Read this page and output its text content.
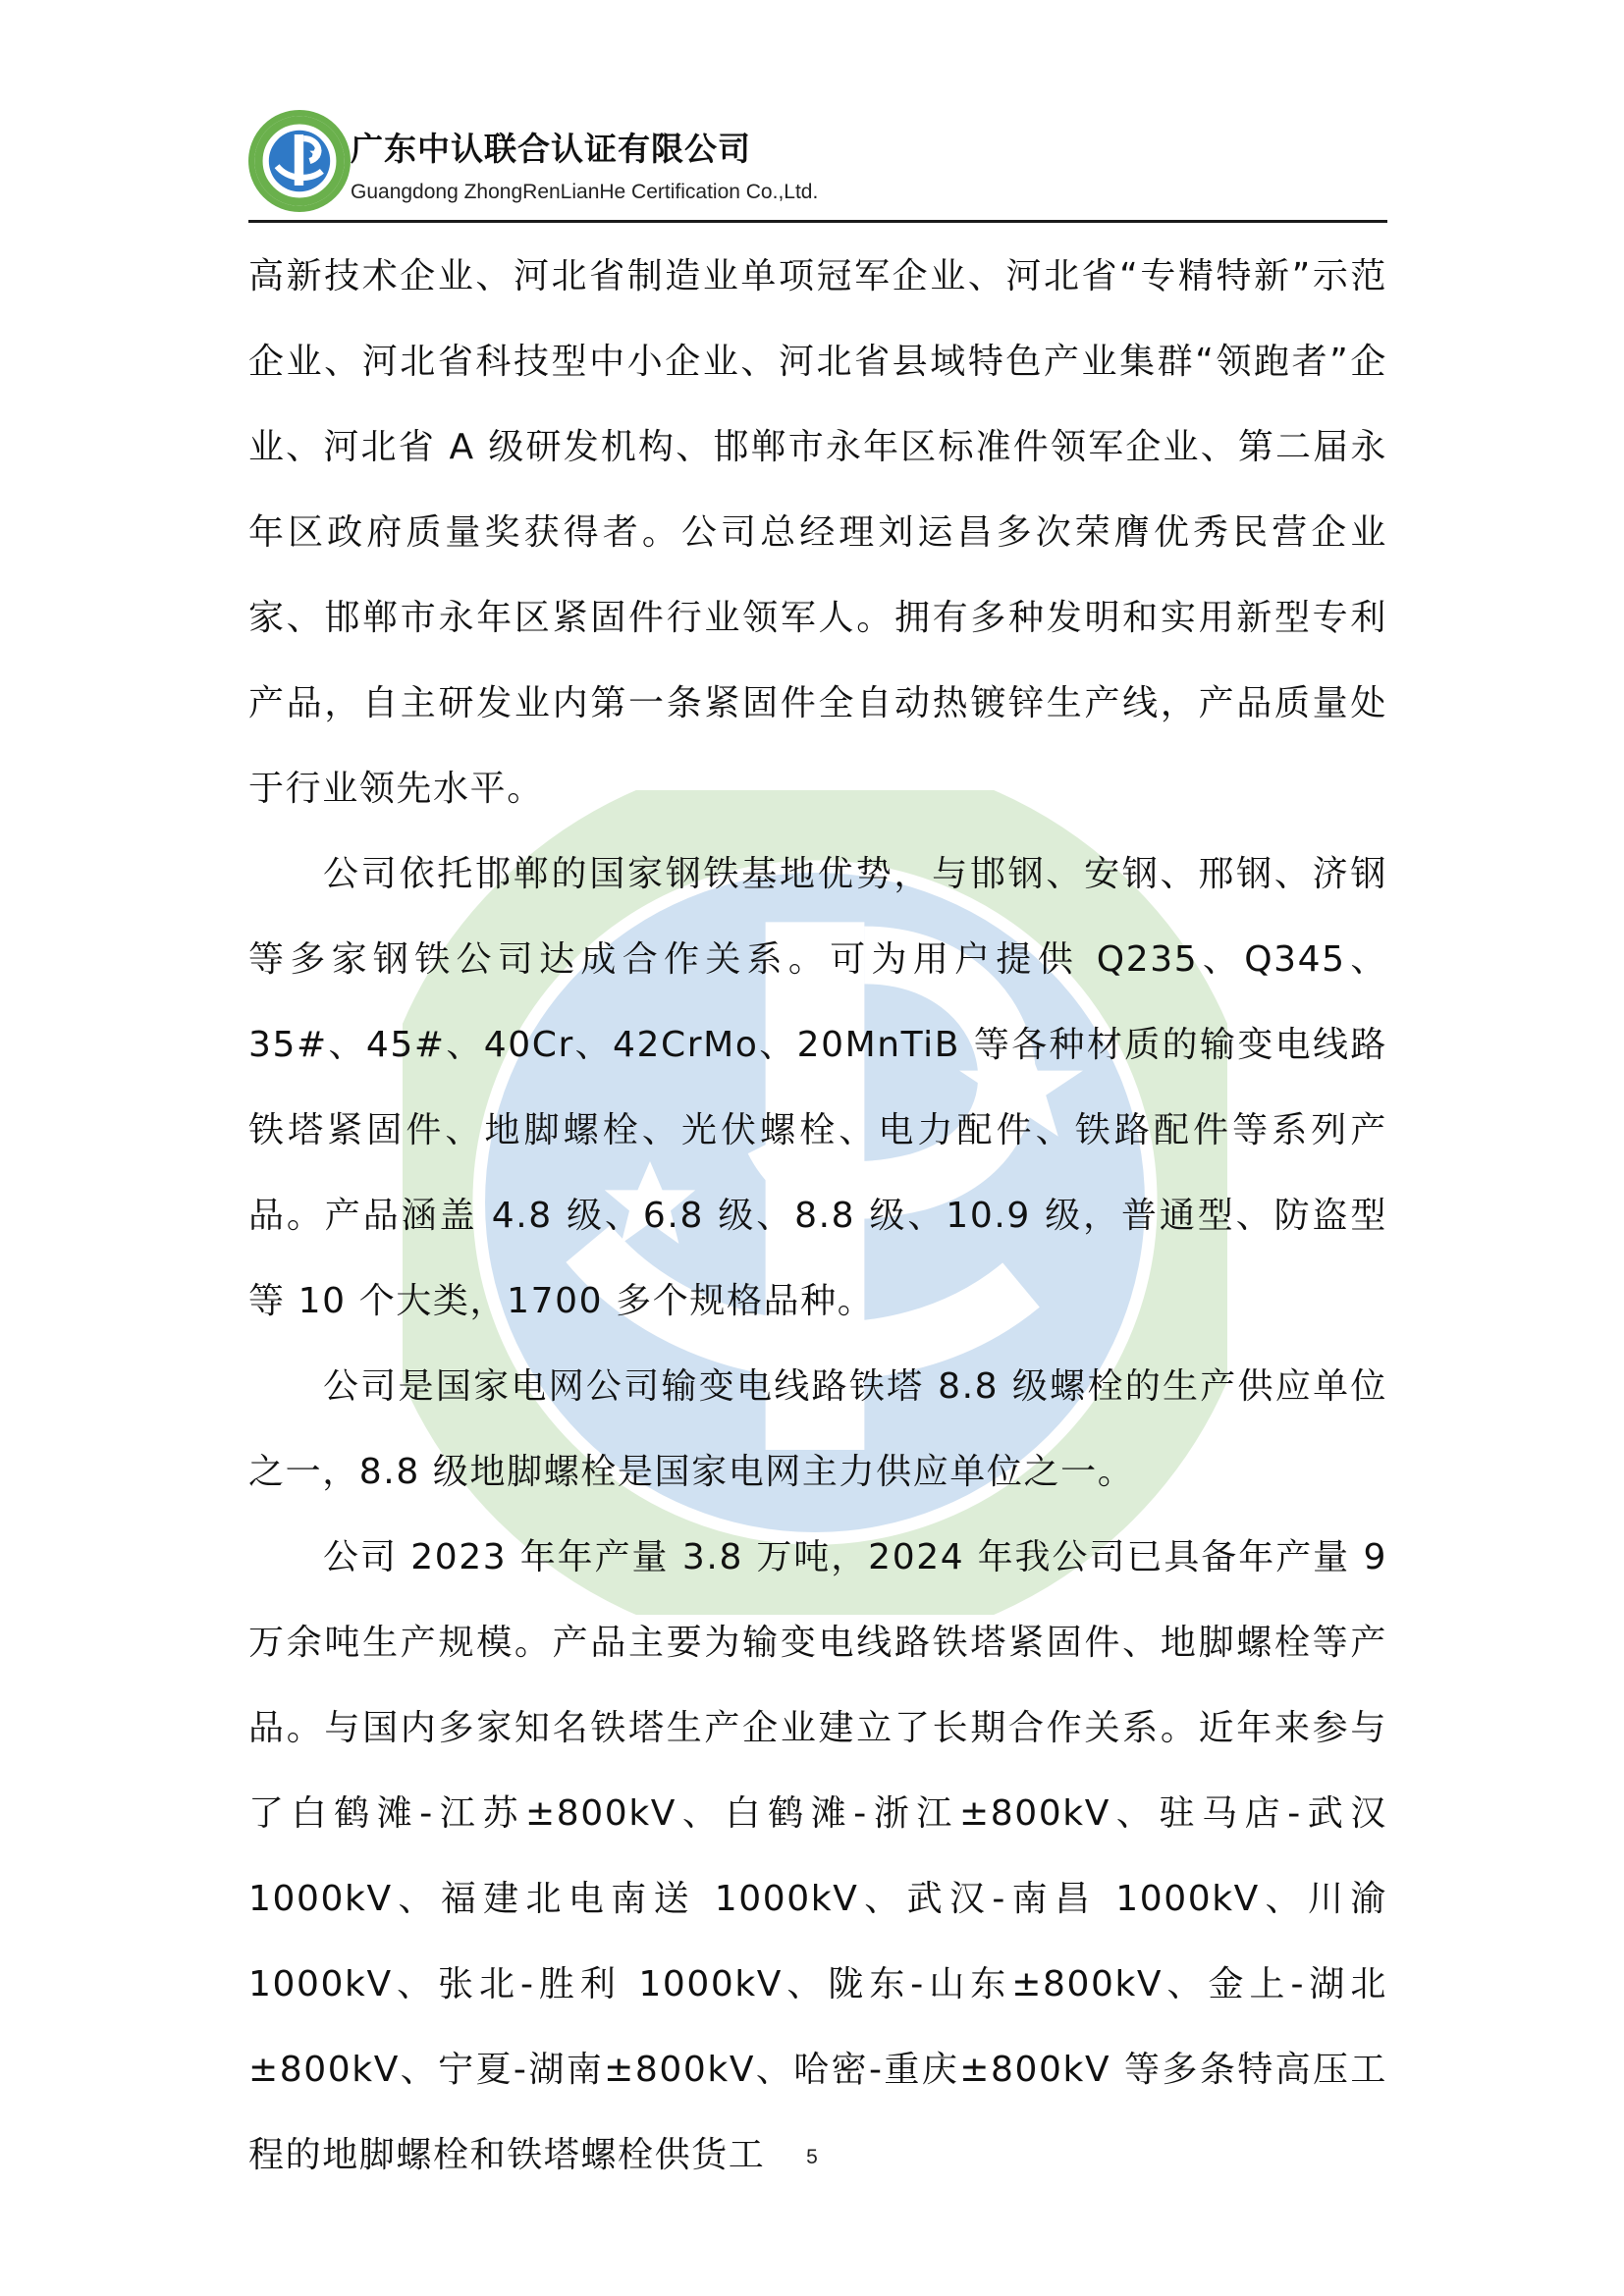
广东中认联合认证有限公司
Guangdong ZhongRenLianHe Certification Co.,Ltd.

高新技术企业、河北省制造业单项冠军企业、河北省“专精特新”示范企业、河北省科技型中小企业、河北省县域特色产业集群“领跑者”企业、河北省 A 级研发机构、邯郸市永年区标准件领军企业、第二届永年区政府质量奖获得者。公司总经理刘运昌多次荣膺优秀民营企业家、邯郸市永年区紧固件行业领军人。拥有多种发明和实用新型专利产品，自主研发业内第一条紧固件全自动热镀锌生产线，产品质量处于行业领先水平。

公司依托邯郸的国家钢铁基地优势，与邯钢、安钢、邢钢、济钢等多家钢铁公司达成合作关系。可为用户提供 Q235、Q345、35#、45#、40Cr、42CrMo、20MnTiB 等各种材质的输变电线路铁塔紧固件、地脚螺栓、光伏螺栓、电力配件、铁路配件等系列产品。产品涵盖 4.8 级、6.8 级、8.8 级、10.9 级，普通型、防盗型等 10 个大类，1700 多个规格品种。

公司是国家电网公司输变电线路铁塔 8.8 级螺栓的生产供应单位之一，8.8 级地脚螺栓是国家电网主力供应单位之一。

公司 2023 年年产量 3.8 万吨，2024 年我公司已具备年产量 9 万余吨生产规模。产品主要为输变电线路铁塔紧固件、地脚螺栓等产品。与国内多家知名铁塔生产企业建立了长期合作关系。近年来参与了白鹤滩-江苏±800kV、白鹤滩-浙江±800kV、驻马店-武汉 1000kV、福建北电南送 1000kV、武汉-南昌 1000kV、川渝 1000kV、张北-胜利 1000kV、陇东-山东±800kV、金上-湖北±800kV、宁夏-湖南±800kV、哈密-重庆±800kV 等多条特高压工程的地脚螺栓和铁塔螺栓供货工	5
